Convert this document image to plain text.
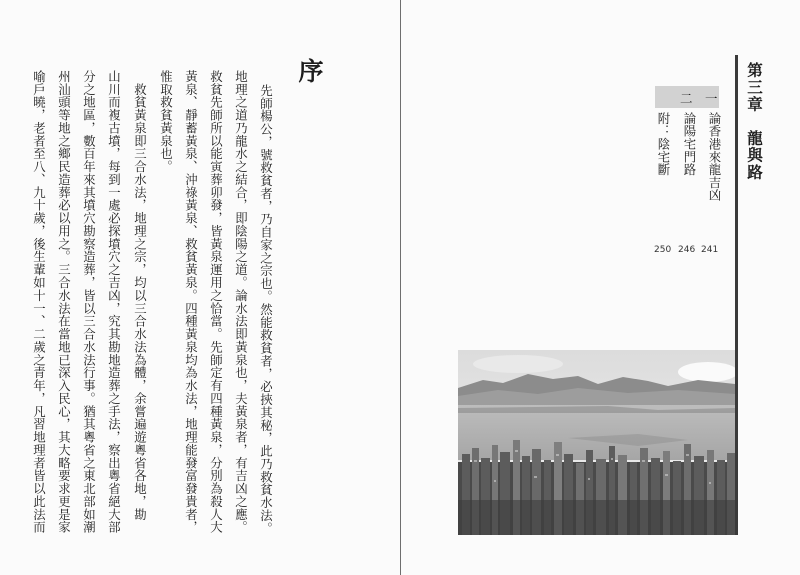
序
先師楊公，號救貧者，乃自家之宗也。然能救貧者，必挾其秘，此乃救貧水法。
地理之道乃龍水之結合，即陰陽之道。論水法即黃泉也，夫黃泉者，有吉凶之應。
救貧先師所以能寅葬卯發，皆黃泉運用之恰當。先師定有四種黃泉，分別為殺人大
黃泉、靜蓄黃泉、沖祿黃泉、救貧黃泉。四種黃泉均為水法，地理能發富發貴者，
惟取救貧黃泉也。
　救貧黃泉即三合水法，地理之宗，均以三合水法為體，余嘗遍遊粵省各地，勘
山川而複古墳，每到一處必探墳穴之吉凶，究其勘地造葬之手法，察出粵省絕大部
分之地區，數百年來其墳穴勘察造葬，皆以三合水法行事。猶其粵省之東北部如潮
州汕頭等地之鄉民造葬必以用之。三合水法在當地已深入民心，其大略要求更是家
喻戶曉，老者至八、九十歲，後生輩如十一、二歲之青年，凡習地理者皆以此法而	第三章　龍與路
一
二
論香港來龍吉凶
論陽宅門路
附：陰宅斷
241
246
250
